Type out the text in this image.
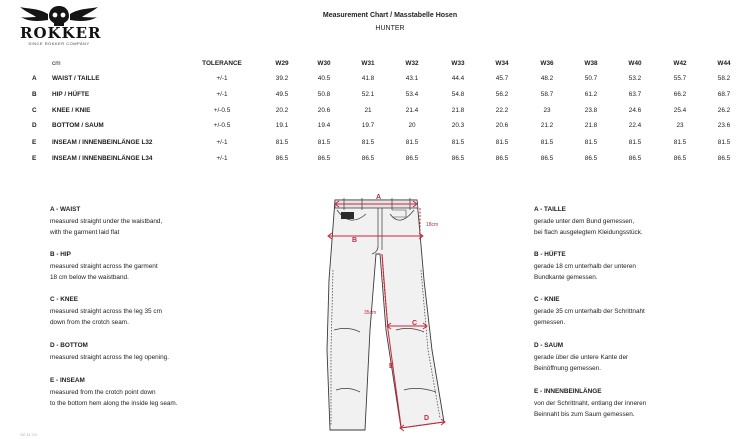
ROKKER
SINCE ROKKER COMPANY
Measurement Chart / Masstabelle Hosen
HUNTER
cm	TOLERANCE	W29	W30	W31	W32	W33	W34	W36	W38	W40	W42	W44
A WAIST / TAILLE	+/-1	39.2	40.5	41.8	43.1	44.4	45.7	48.2	50.7	53.2	55.7	58.2
B HIP / HÜFTE	+/-1	49.5	50.8	52.1	53.4	54.8	56.2	58.7	61.2	63.7	66.2	68.7
C KNEE / KNIE	+/-0.5	20.2	20.6	21	21.4	21.8	22.2	23	23.8	24.6	25.4	26.2
D BOTTOM / SAUM	+/-0.5	19.1	19.4	19.7	20	20.3	20.6	21.2	21.8	22.4	23	23.6
E INSEAM / INNENBEINLÄNGE L32	+/-1	81.5	81.5	81.5	81.5	81.5	81.5	81.5	81.5	81.5	81.5	81.5
E INSEAM / INNENBEINLÄNGE L34	+/-1	86.5	86.5	86.5	86.5	86.5	86.5	86.5	86.5	86.5	86.5	86.5
A
B
C
D
E
18cm
35cm
A - WAIST
measured straight under the waistband,
with the garment laid flat
B - HIP
measured straight across the garment
18 cm below the waistband.
C - KNEE
measured straight across the leg 35 cm
down from the crotch seam.
D - BOTTOM
measured straight across the leg opening.
E - INSEAM
measured from the crotch point down
to the bottom hem along the inside leg seam.
A - TAILLE
gerade unter dem Bund gemessen,
bei flach ausgelegtem Kleidungsstück.
B - HÜFTE
gerade 18 cm unterhalb der unteren
Bundkante gemessen.
C - KNIE
gerade 35 cm unterhalb der Schrittnaht
gemessen.
D - SAUM
gerade über die untere Kante der
Beinöffnung gemessen.
E - INNENBEINLÄNGE
von der Schrittnaht, entlang der inneren
Beinnaht bis zum Saum gemessen.
SZ 11 '24
